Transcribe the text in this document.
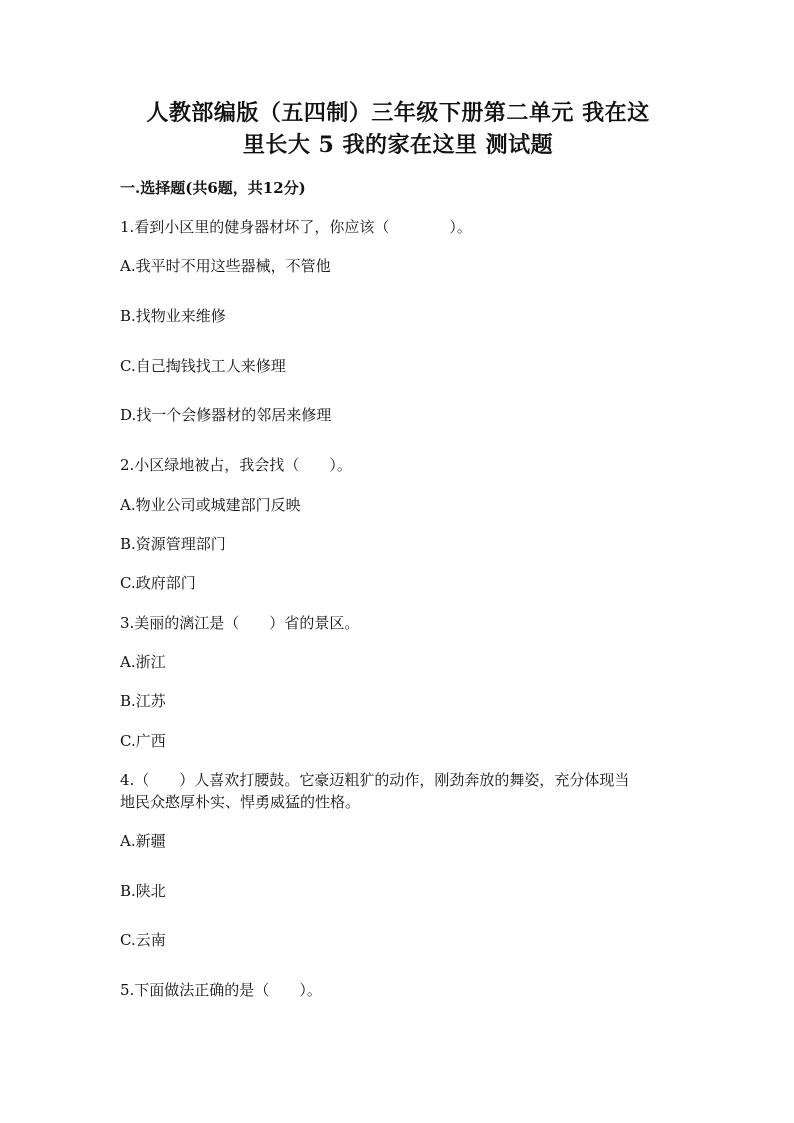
人教部编版（五四制）三年级下册第二单元 我在这
里长大 5 我的家在这里 测试题
一.选择题(共6题，共12分)
1.看到小区里的健身器材坏了，你应该（　　　　）。
A.我平时不用这些器械，不管他
B.找物业来维修
C.自己掏钱找工人来修理
D.找一个会修器材的邻居来修理
2.小区绿地被占，我会找（　　）。
A.物业公司或城建部门反映
B.资源管理部门
C.政府部门
3.美丽的漓江是（　　）省的景区。
A.浙江
B.江苏
C.广西
4.（　　）人喜欢打腰鼓。它豪迈粗犷的动作，刚劲奔放的舞姿，充分体现当
地民众憨厚朴实、悍勇威猛的性格。
A.新疆
B.陕北
C.云南
5.下面做法正确的是（　　）。
